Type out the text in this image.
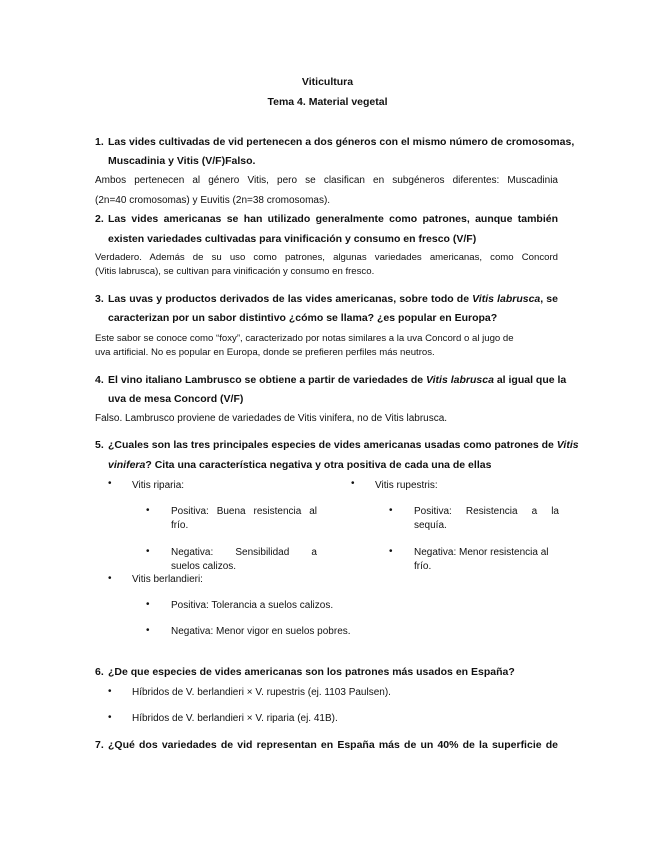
Viticultura
Tema 4. Material vegetal
1. Las vides cultivadas de vid pertenecen a dos géneros con el mismo número de cromosomas,
Muscadinia y Vitis (V/F)Falso.
Ambos pertenecen al género Vitis, pero se clasifican en subgéneros diferentes: Muscadinia
(2n=40 cromosomas) y Euvitis (2n=38 cromosomas).
2. Las vides americanas se han utilizado generalmente como patrones, aunque también
existen variedades cultivadas para vinificación y consumo en fresco (V/F)
Verdadero. Además de su uso como patrones, algunas variedades americanas, como Concord
(Vitis labrusca), se cultivan para vinificación y consumo en fresco.
3. Las uvas y productos derivados de las vides americanas, sobre todo de Vitis labrusca, se
caracterizan por un sabor distintivo ¿cómo se llama? ¿es popular en Europa?
Este sabor se conoce como “foxy”, caracterizado por notas similares a la uva Concord o al jugo de
uva artificial. No es popular en Europa, donde se prefieren perfiles más neutros.
4. El vino italiano Lambrusco se obtiene a partir de variedades de Vitis labrusca al igual que la
uva de mesa Concord (V/F)
Falso. Lambrusco proviene de variedades de Vitis vinifera, no de Vitis labrusca.
5. ¿Cuales son las tres principales especies de vides americanas usadas como patrones de Vitis
vinifera? Cita una característica negativa y otra positiva de cada una de ellas
• Vitis riparia:
• Positiva: Buena resistencia al
frío.
• Negativa: Sensibilidad a
suelos calizos.
• Vitis rupestris:
• Positiva: Resistencia a la
sequía.
• Negativa: Menor resistencia al
frío.
• Vitis berlandieri:
• Positiva: Tolerancia a suelos calizos.
• Negativa: Menor vigor en suelos pobres.
6. ¿De que especies de vides americanas son los patrones más usados en España?
• Híbridos de V. berlandieri × V. rupestris (ej. 1103 Paulsen).
• Híbridos de V. berlandieri × V. riparia (ej. 41B).
7. ¿Qué dos variedades de vid representan en España más de un 40% de la superficie de
